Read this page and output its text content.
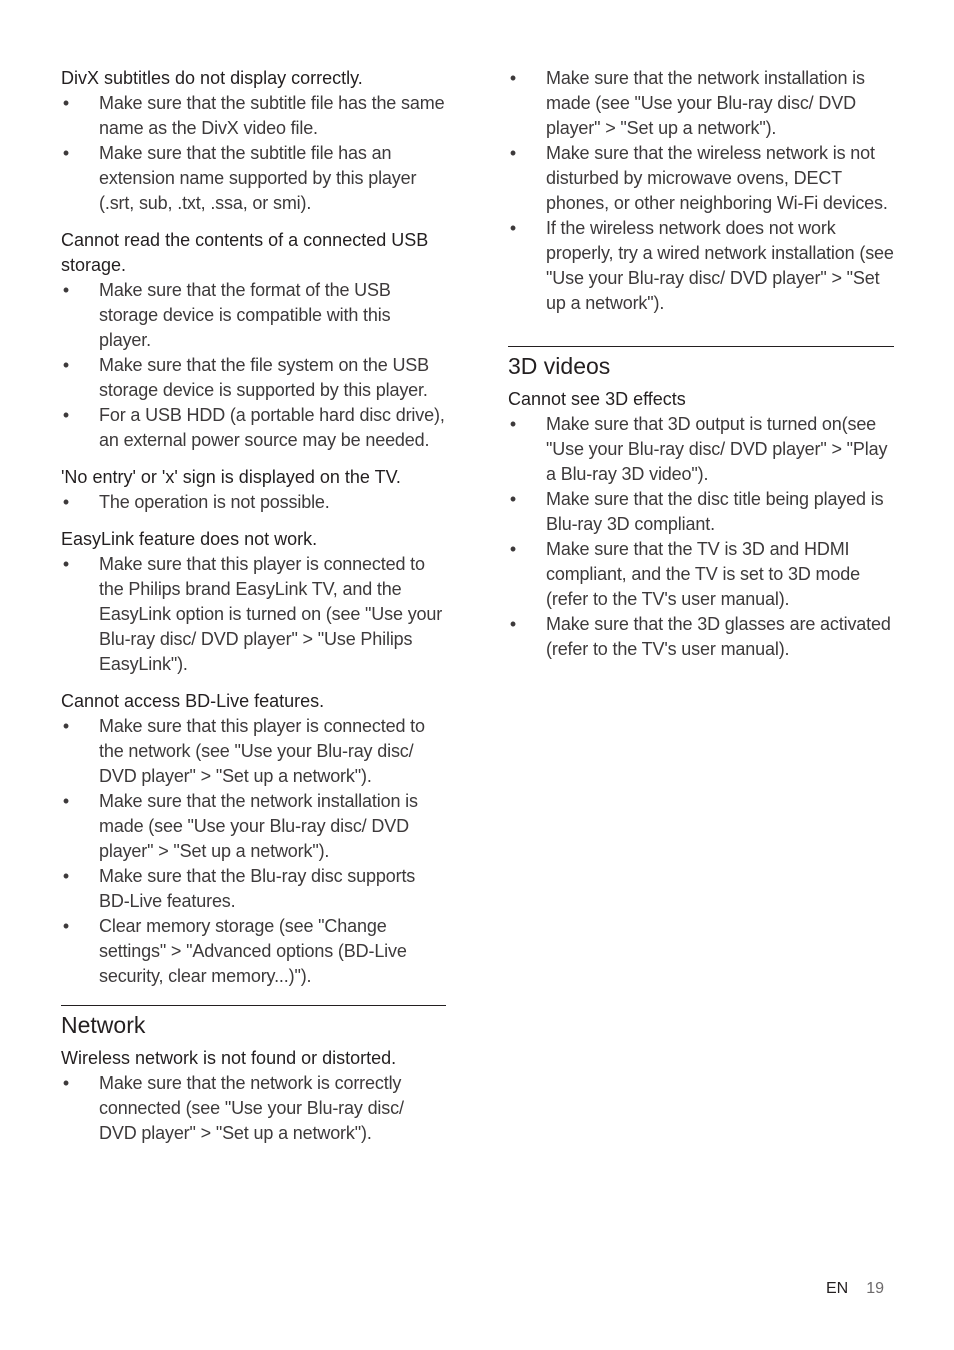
DivX subtitles do not display correctly.
• Make sure that the subtitle file has the same name as the DivX video file.
• Make sure that the subtitle file has an extension name supported by this player (.srt, sub, .txt, .ssa, or smi).
Cannot read the contents of a connected USB storage.
• Make sure that the format of the USB storage device is compatible with this player.
• Make sure that the file system on the USB storage device is supported by this player.
• For a USB HDD (a portable hard disc drive), an external power source may be needed.
'No entry' or 'x' sign is displayed on the TV.
• The operation is not possible.
EasyLink feature does not work.
• Make sure that this player is connected to the Philips brand EasyLink TV, and the EasyLink option is turned on (see "Use your Blu-ray disc/ DVD player" > "Use Philips EasyLink").
Cannot access BD-Live features.
• Make sure that this player is connected to the network (see "Use your Blu-ray disc/ DVD player" > "Set up a network").
• Make sure that the network installation is made (see "Use your Blu-ray disc/ DVD player" > "Set up a network").
• Make sure that the Blu-ray disc supports BD-Live features.
• Clear memory storage (see "Change settings" > "Advanced options (BD-Live security, clear memory...)").
Network
Wireless network is not found or distorted.
• Make sure that the network is correctly connected (see "Use your Blu-ray disc/ DVD player" > "Set up a network").
• Make sure that the network installation is made (see "Use your Blu-ray disc/ DVD player" > "Set up a network").
• Make sure that the wireless network is not disturbed by microwave ovens, DECT phones, or other neighboring Wi-Fi devices.
• If the wireless network does not work properly, try a wired network installation (see "Use your Blu-ray disc/ DVD player" > "Set up a network").
3D videos
Cannot see 3D effects
• Make sure that 3D output is turned on(see "Use your Blu-ray disc/ DVD player" > "Play a Blu-ray 3D video").
• Make sure that the disc title being played is Blu-ray 3D compliant.
• Make sure that the TV is 3D and HDMI compliant, and the TV is set to 3D mode (refer to the TV's user manual).
• Make sure that the 3D glasses are activated (refer to the TV's user manual).
EN 19
